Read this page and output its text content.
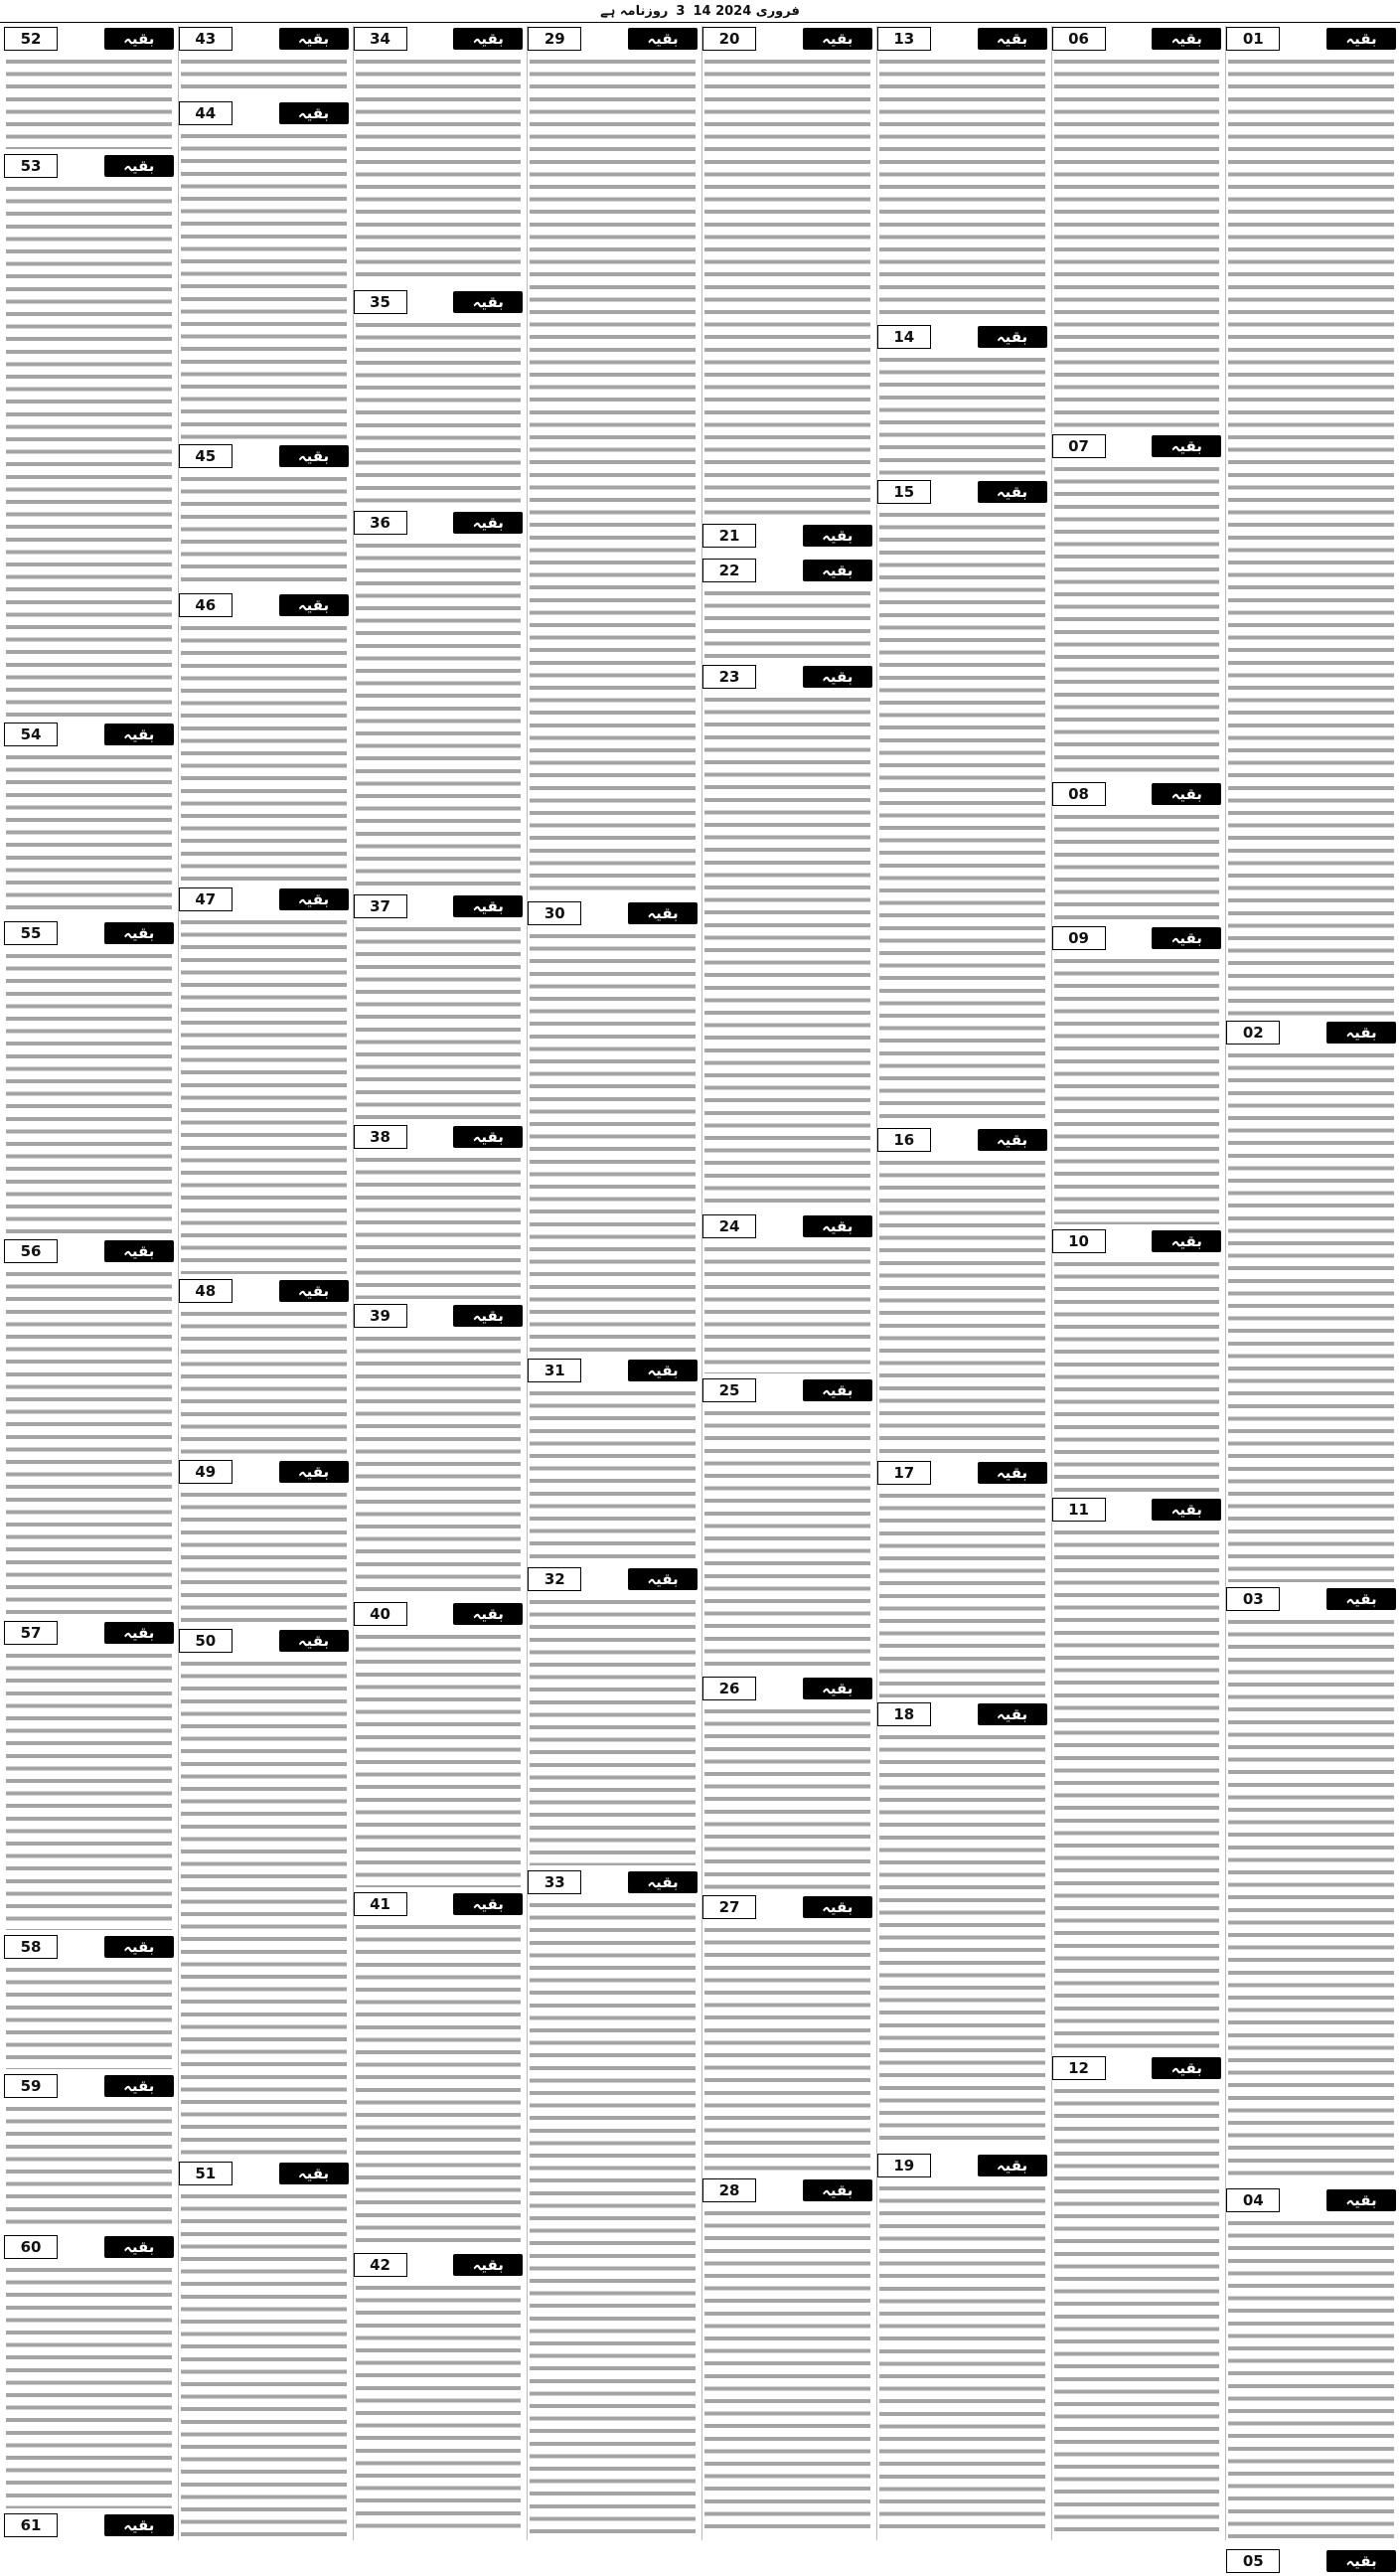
روزنامہ ہے 3 14 فروری 2024
01	بقیہ
02	بقیہ
03	بقیہ
04	بقیہ
05	بقیہ
06	بقیہ
07	بقیہ
08	بقیہ
09	بقیہ
10	بقیہ
11	بقیہ
12	بقیہ
13	بقیہ
14	بقیہ
15	بقیہ
16	بقیہ
17	بقیہ
18	بقیہ
19	بقیہ
20	بقیہ
21	بقیہ
22	بقیہ
23	بقیہ
24	بقیہ
25	بقیہ
26	بقیہ
27	بقیہ
28	بقیہ
29	بقیہ
30	بقیہ
31	بقیہ
32	بقیہ
33	بقیہ
34	بقیہ
35	بقیہ
36	بقیہ
37	بقیہ
38	بقیہ
39	بقیہ
40	بقیہ
41	بقیہ
42	بقیہ
43	بقیہ
44	بقیہ
45	بقیہ
46	بقیہ
47	بقیہ
48	بقیہ
49	بقیہ
50	بقیہ
51	بقیہ
52	بقیہ
53	بقیہ
54	بقیہ
55	بقیہ
56	بقیہ
57	بقیہ
58	بقیہ
59	بقیہ
60	بقیہ
61	بقیہ
